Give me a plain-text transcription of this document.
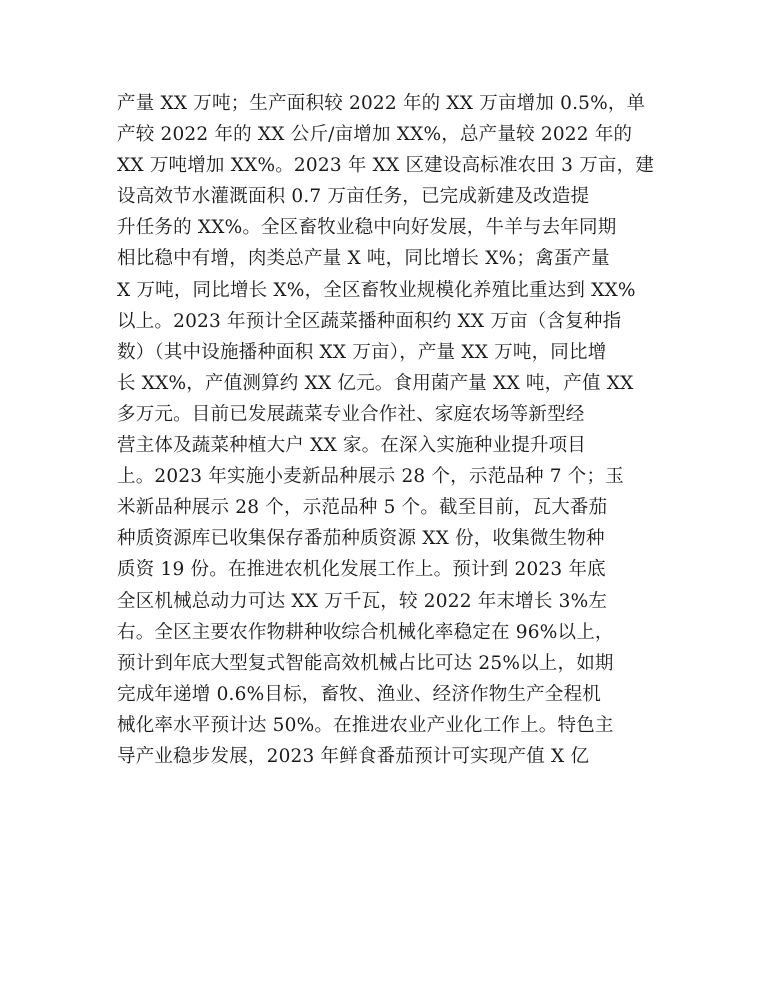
产量 XX 万吨；生产面积较 2022 年的 XX 万亩增加 0.5%，单
产较 2022 年的 XX 公斤/亩增加 XX%，总产量较 2022 年的
XX 万吨增加 XX%。2023 年 XX 区建设高标准农田 3 万亩，建
设高效节水灌溉面积 0.7 万亩任务，已完成新建及改造提
升任务的 XX%。全区畜牧业稳中向好发展，牛羊与去年同期
相比稳中有增，肉类总产量 X 吨，同比增长 X%；禽蛋产量
X 万吨，同比增长 X%，全区畜牧业规模化养殖比重达到 XX%
以上。2023 年预计全区蔬菜播种面积约 XX 万亩（含复种指
数）（其中设施播种面积 XX 万亩），产量 XX 万吨，同比增
长 XX%，产值测算约 XX 亿元。食用菌产量 XX 吨，产值 XX
多万元。目前已发展蔬菜专业合作社、家庭农场等新型经
营主体及蔬菜种植大户 XX 家。在深入实施种业提升项目
上。2023 年实施小麦新品种展示 28 个，示范品种 7 个；玉
米新品种展示 28 个，示范品种 5 个。截至目前，瓦大番茄
种质资源库已收集保存番茄种质资源 XX 份，收集微生物种
质资 19 份。在推进农机化发展工作上。预计到 2023 年底
全区机械总动力可达 XX 万千瓦，较 2022 年末增长 3%左
右。全区主要农作物耕种收综合机械化率稳定在 96%以上，
预计到年底大型复式智能高效机械占比可达 25%以上，如期
完成年递增 0.6%目标，畜牧、渔业、经济作物生产全程机
械化率水平预计达 50%。在推进农业产业化工作上。特色主
导产业稳步发展，2023 年鲜食番茄预计可实现产值 X 亿
